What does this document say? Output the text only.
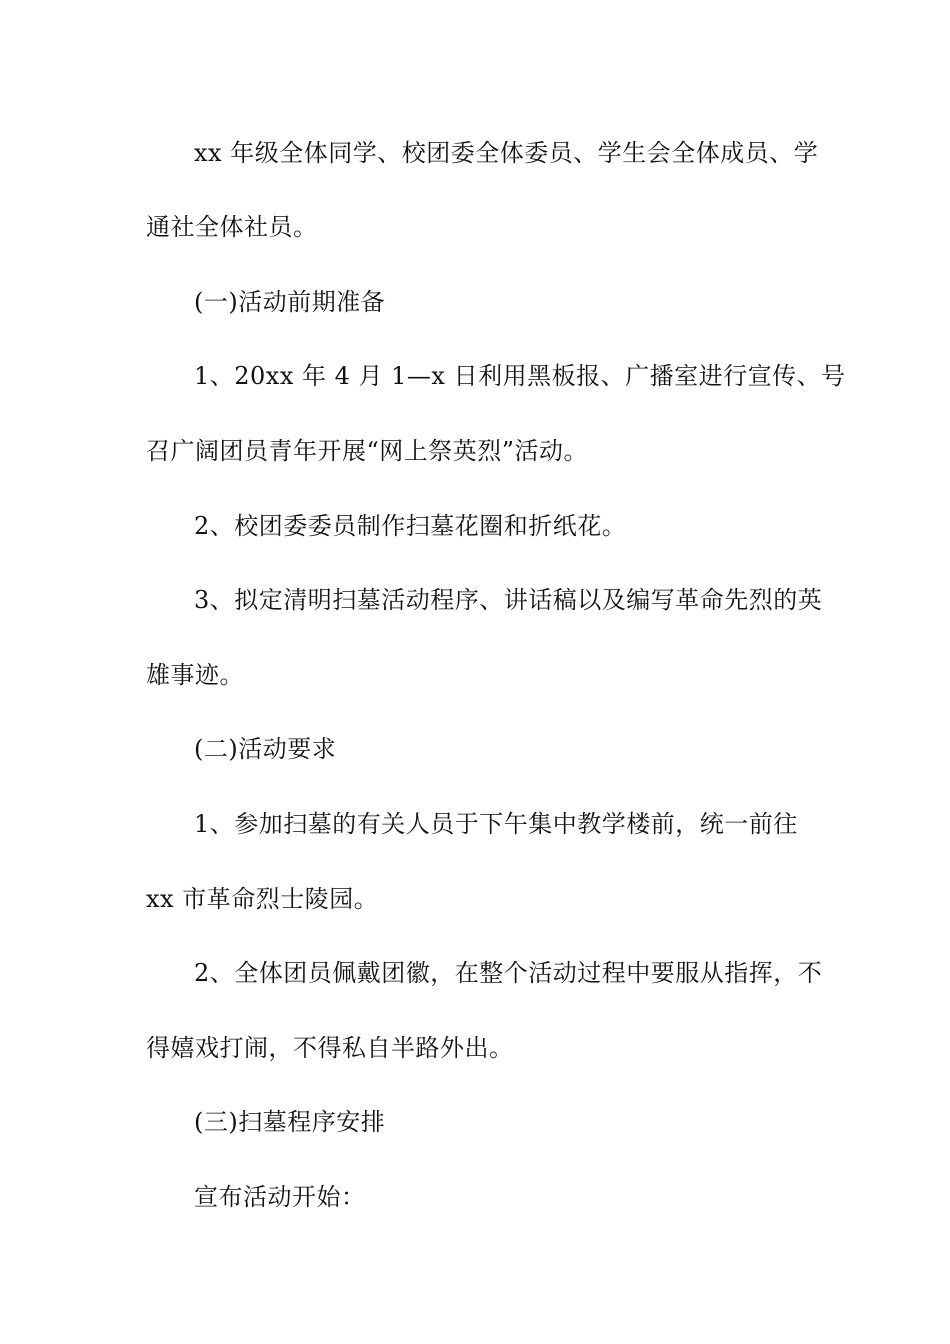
xx 年级全体同学、校团委全体委员、学生会全体成员、学
通社全体社员。
(一)活动前期准备
1、20xx 年 4 月 1—x 日利用黑板报、广播室进行宣传、号
召广阔团员青年开展“网上祭英烈”活动。
2、校团委委员制作扫墓花圈和折纸花。
3、拟定清明扫墓活动程序、讲话稿以及编写革命先烈的英
雄事迹。
(二)活动要求
1、参加扫墓的有关人员于下午集中教学楼前，统一前往
xx 市革命烈士陵园。
2、全体团员佩戴团徽，在整个活动过程中要服从指挥，不
得嬉戏打闹，不得私自半路外出。
(三)扫墓程序安排
宣布活动开始：
